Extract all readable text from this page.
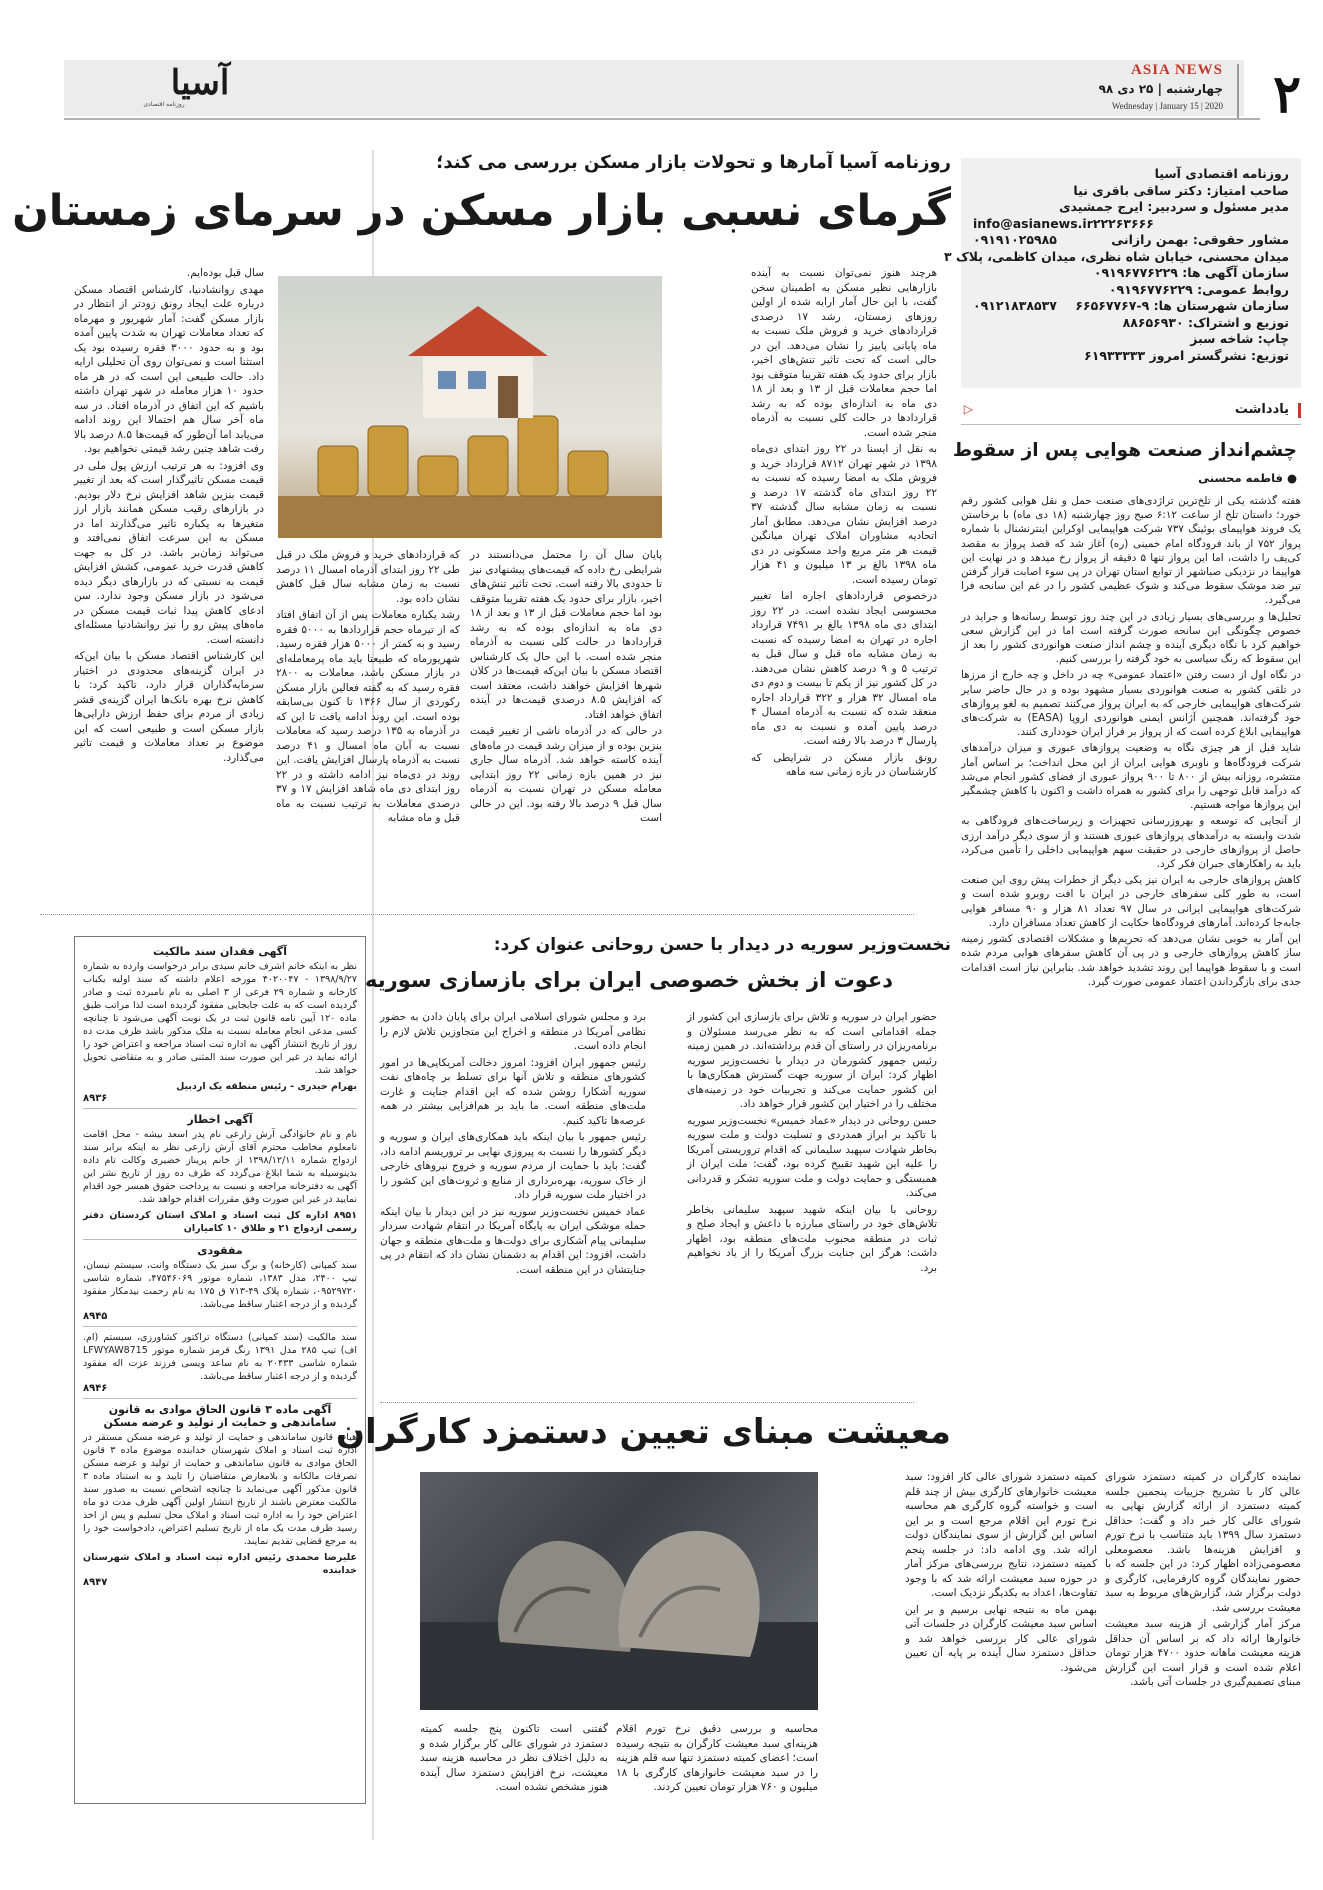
۲
ASIA NEWS
چهارشنبه | ۲۵ دی ۹۸
Wednesday | January 15 | 2020
آسیا
روزنامه اقتصادی
روزنامه اقتصادی آسیا
صاحب امتیاز: دکتر ساقی باقری نیا
مدیر مسئول و سردبیر: ایرج جمشیدی
info@asianews.ir ۲۲۲۶۳۶۶۶

مشاور حقوقی: بهمن رازانی
۰۹۱۹۱۰۲۵۹۸۵
میدان محسنی، خیابان شاه نظری، میدان کاظمی، پلاک ۳
سازمان آگهی ها: ۰۹۱۹۶۷۷۶۲۲۹
روابط عمومی: ۰۹۱۹۶۷۷۶۲۲۹
سازمان شهرستان ها: ۹-۶۶۵۶۷۷۶۷
۰۹۱۲۱۸۳۸۵۳۷
توزیع و اشتراک: ۸۸۶۵۶۹۳۰
چاپ: شاخه سبز
توزیع: نشرگستر امروز ۶۱۹۳۳۳۳۳
یادداشت
▷
چشم‌انداز صنعت هوایی پس از سقوط
● فاطمه محسنی

هفته گذشته یکی از تلخ‌ترین تراژدی‌های صنعت حمل و نقل هوایی کشور رقم خورد؛ داستان تلخ از ساعت ۶:۱۲ صبح روز چهارشنبه (۱۸ دی ماه) با برخاستن یک فروند هواپیمای بوئینگ ۷۳۷ شرکت هواپیمایی اوکراین اینترنشنال با شماره پرواز ۷۵۲ از باند فرودگاه امام خمینی (ره) آغاز شد که قصد پرواز به مقصد کی‌یف را داشت، اما این پرواز تنها ۵ دقیقه از پرواز رخ میدهد و در نهایت این هواپیما در نزدیکی صباشهر از توابع استان تهران در پی سوء اصابت قرار گرفتن تیر ضد موشک سقوط می‌کند و شوک عظیمی کشور را در غم این سانحه فرا می‌گیرد.

تحلیل‌ها و بررسی‌های بسیار زیادی در این چند روز توسط رسانه‌ها و جراید در خصوص چگونگی این سانحه صورت گرفته است اما در این گزارش سعی خواهیم کرد با نگاه دیگری آینده و چشم انداز صنعت هوانوردی کشور را بعد از این سقوط که رنگ سیاسی به خود گرفته را بررسی کنیم.

در نگاه اول از دست رفتن «اعتماد عمومی» چه در داخل و چه خارج از مرزها در تلقی کشور به صنعت هوانوردی بسیار مشهود بوده و در حال حاضر سایر شرکت‌های هواپیمایی خارجی که به ایران پرواز می‌کنند تصمیم به لغو پروازهای خود گرفته‌اند. همچنین آژانس ایمنی هوانوردی اروپا (EASA) به شرکت‌های هواپیمایی ابلاغ کرده است که از پرواز بر فراز ایران خودداری کنند.

شاید قبل از هر چیزی نگاه به وضعیت پروازهای عبوری و میزان درآمدهای شرکت فرودگاه‌ها و ناوبری هوایی ایران از این محل انداخت؛ بر اساس آمار منتشره، روزانه بیش از ۸۰۰ تا ۹۰۰ پرواز عبوری از فضای کشور انجام می‌شد که درآمد قابل توجهی را برای کشور به همراه داشت و اکنون با کاهش چشمگیر این پروازها مواجه هستیم.

از آنجایی که توسعه و بهروزرسانی تجهیزات و زیرساخت‌های فرودگاهی به شدت وابسته به درآمدهای پروازهای عبوری هستند و از سوی دیگر درآمد ارزی حاصل از پروازهای خارجی در حقیقت سهم هواپیمایی داخلی را تأمین می‌کرد، باید به راهکارهای جبران فکر کرد.

کاهش پروازهای خارجی به ایران نیز یکی دیگر از خطرات پیش روی این صنعت است، به طور کلی سفرهای خارجی در ایران با افت روبرو شده است و شرکت‌های هواپیمایی ایرانی در سال ۹۷ تعداد ۸۱ هزار و ۹۰ مسافر هوایی جابه‌جا کرده‌اند. آمارهای فرودگاه‌ها حکایت از کاهش تعداد مسافران دارد.

این آمار به خوبی نشان می‌دهد که تحریم‌ها و مشکلات اقتصادی کشور زمینه ساز کاهش پروازهای خارجی و در پی آن کاهش سفرهای هوایی مردم شده است و با سقوط هواپیما این روند تشدید خواهد شد. بنابراین نیاز است اقدامات جدی برای بازگرداندن اعتماد عمومی صورت گیرد.

روزنامه آسیا آمارها و تحولات بازار مسکن بررسی می کند؛
گرمای نسبی بازار مسکن در سرمای زمستان

هرچند هنوز نمی‌توان نسبت به آینده بازارهایی نظیر مسکن به اطمینان سخن گفت، با این حال آمار ارایه شده از اولین روزهای زمستان، رشد ۱۷ درصدی قراردادهای خرید و فروش ملک نسبت به ماه پایانی پاییز را نشان می‌دهد. این در حالی است که تحت تاثیر تنش‌های اخیر، بازار برای حدود یک هفته تقریبا متوقف بود اما حجم معاملات قبل از ۱۳ و بعد از ۱۸ دی ماه به اندازه‌ای بوده که به رشد قراردادها در حالت کلی نسبت به آذرماه منجر شده است.

به نقل از ایسنا در ۲۲ روز ابتدای دی‌ماه ۱۳۹۸ در شهر تهران ۸۷۱۲ قرارداد خرید و فروش ملک به امضا رسیده که نسبت به ۲۲ روز ابتدای ماه گذشته ۱۷ درصد و نسبت به زمان مشابه سال گذشته ۳۷ درصد افزایش نشان می‌دهد. مطابق آمار اتحادیه مشاوران املاک تهران میانگین قیمت هر متر مربع واحد مسکونی در دی ماه ۱۳۹۸ بالغ بر ۱۳ میلیون و ۴۱ هزار تومان رسیده است.

درخصوص قراردادهای اجاره اما تغییر محسوسی ایجاد نشده است. در ۲۲ روز ابتدای دی ماه ۱۳۹۸ بالغ بر ۷۴۹۱ قرارداد اجاره در تهران به امضا رسیده که نسبت به زمان مشابه ماه قبل و سال قبل به ترتیب ۵ و ۹ درصد کاهش نشان می‌دهند. در کل کشور نیز از یکم تا بیست و دوم دی ماه امسال ۳۲ هزار و ۳۲۲ قرارداد اجاره منعقد شده که نسبت به آذرماه امسال ۴ درصد پایین آمده و نسبت به دی ماه پارسال ۳ درصد بالا رفته است.

رونق بازار مسکن در شرایطی که کارشناسان در بازه زمانی سه ماهه

پایان سال آن را محتمل می‌دانستند در شرایطی رخ داده که قیمت‌های پیشنهادی نیز تا حدودی بالا رفته است. تحت تاثیر تنش‌های اخیر، بازار برای حدود یک هفته تقریبا متوقف بود اما حجم معاملات قبل از ۱۳ و بعد از ۱۸ دی ماه به اندازه‌ای بوده که به رشد قراردادها در حالت کلی نسبت به آذرماه منجر شده است. با این حال یک کارشناس اقتصاد مسکن با بیان این‌که قیمت‌ها در کلان شهرها افزایش خواهند داشت، معتقد است که افزایش ۸.۵ درصدی قیمت‌ها در آینده اتفاق خواهد افتاد.

در حالی که در آذرماه ناشی از تغییر قیمت بنزین بوده و از میزان رشد قیمت در ماه‌های آینده کاسته خواهد شد. آذرماه سال جاری نیز در همین بازه زمانی ۲۲ روز ابتدایی معامله مسکن در تهران نسبت به آذرماه سال قبل ۹ درصد بالا رفته بود. این در حالی است

که قراردادهای خرید و فروش ملک در قبل طی ۲۲ روز ابتدای آذرماه امسال ۱۱ درصد نسبت به زمان مشابه سال قبل کاهش نشان داده بود.

رشد یکباره معاملات پس از آن اتفاق افتاد که از تیرماه حجم قراردادها به ۵۰۰۰ فقره رسید و به کمتر از ۵۰۰۰ هزار فقره رسید. شهریورماه که طبیعتا باید ماه پرمعامله‌ای در بازار مسکن باشد، معاملات به ۲۸۰۰ فقره رسید که به گفته فعالین بازار مسکن رکوردی از سال ۱۳۶۶ تا کنون بی‌سابقه بوده است. این روند ادامه یافت تا این که در آذرماه به ۱۳۵ درصد رسید که معاملات نسبت به آبان ماه امسال و ۴۱ درصد نسبت به آذرماه پارسال افزایش یافت. این روند در دی‌ماه نیز ادامه داشته و در ۲۲ روز ابتدای دی ماه شاهد افزایش ۱۷ و ۳۷ درصدی معاملات به ترتیب نسبت به ماه قبل و ماه مشابه

سال قبل بوده‌ایم.

مهدی روانشادنیا، کارشناس اقتصاد مسکن درباره علت ایجاد رونق زودتر از انتظار در بازار مسکن گفت: آمار شهریور و مهرماه که تعداد معاملات تهران به شدت پایین آمده بود و به حدود ۳۰۰۰ فقره رسیده بود یک استثنا است و نمی‌توان روی آن تحلیلی ارایه داد. حالت طبیعی این است که در هر ماه حدود ۱۰ هزار معامله در شهر تهران داشته باشیم که این اتفاق در آذرماه افتاد. در سه ماه آخر سال هم احتمالا این روند ادامه می‌یابد اما آن‌طور که قیمت‌ها ۸.۵ درصد بالا رفت شاهد چنین رشد قیمتی نخواهیم بود.

وی افزود: به هر ترتیب ارزش پول ملی در قیمت مسکن تاثیرگذار است که بعد از تغییر قیمت بنزین شاهد افزایش نرخ دلار بودیم. در بازارهای رقیب مسکن همانند بازار ارز متغیرها به یکباره تاثیر می‌گذارند اما در مسکن به این سرعت اتفاق نمی‌افتد و می‌تواند زمان‌بر باشد. در کل به جهت کاهش قدرت خرید عمومی، کشش افزایش قیمت به نسبتی که در بازارهای دیگر دیده می‌شود در بازار مسکن وجود ندارد. سن ادعای کاهش پیدا ثبات قیمت مسکن در ماه‌های پیش رو را نیز روانشادنیا مسئله‌ای دانسته است.

این کارشناس اقتصاد مسکن با بیان این‌که در ایران گزینه‌های محدودی در اختیار سرمایه‌گذاران قرار دارد، تاکید کرد: با کاهش نرخ بهره بانک‌ها ایران گزینه‌ی قشر زیادی از مردم برای حفظ ارزش دارایی‌ها بازار مسکن است و طبیعی است که این موضوع بر تعداد معاملات و قیمت تاثیر می‌گذارد.

نخست‌وزیر سوریه در دیدار با حسن روحانی عنوان کرد:
دعوت از بخش خصوصی ایران برای بازسازی سوریه

حضور ایران در سوریه و تلاش برای بازسازی این کشور از جمله اقداماتی است که به نظر می‌رسد مسئولان و برنامه‌ریزان در راستای آن قدم برداشته‌اند. در همین زمینه رئیس جمهور کشورمان در دیدار با نخست‌وزیر سوریه اظهار کرد: ایران از سوریه جهت گسترش همکاری‌ها با این کشور حمایت می‌کند و تجربیات خود در زمینه‌های مختلف را در اختیار این کشور قرار خواهد داد.

حسن روحانی در دیدار «عماد خمیس» نخست‌وزیر سوریه با تاکید بر ابراز همدردی و تسلیت دولت و ملت سوریه بخاطر شهادت سپهبد سلیمانی که اقدام تروریستی آمریکا را علیه این شهید تقبیح کرده بود، گفت: ملت ایران از همبستگی و حمایت دولت و ملت سوریه تشکر و قدردانی می‌کند.

روحانی با بیان اینکه شهید سپهبد سلیمانی بخاطر تلاش‌های خود در راستای مبارزه با داعش و ایجاد صلح و ثبات در منطقه محبوب ملت‌های منطقه بود، اظهار داشت: هرگز این جنایت بزرگ آمریکا را از یاد نخواهیم برد.

برد و مجلس شورای اسلامی ایران برای پایان دادن به حضور نظامی آمریکا در منطقه و اخراج این متجاوزین تلاش لازم را انجام داده است.

رئیس جمهور ایران افزود: امروز دخالت آمریکایی‌ها در امور کشورهای منطقه و تلاش آنها برای تسلط بر چاه‌های نفت سوریه آشکارا روشن شده که این اقدام جنایت و غارت ملت‌های منطقه است. ما باید بر هم‌افزایی بیشتر در همه عرصه‌ها تاکید کنیم.

رئیس جمهور با بیان اینکه باید همکاری‌های ایران و سوریه و دیگر کشورها را نسبت به پیروزی نهایی بر تروریسم ادامه داد، گفت: باید با حمایت از مردم سوریه و خروج نیروهای خارجی از خاک سوریه، بهره‌برداری از منابع و ثروت‌های این کشور را در اختیار ملت سوریه قرار داد.

عماد خمیس نخست‌وزیر سوریه نیز در این دیدار با بیان اینکه حمله موشکی ایران به پایگاه آمریکا در انتقام شهادت سردار سلیمانی پیام آشکاری برای دولت‌ها و ملت‌های منطقه و جهان داشت، افزود: این اقدام به دشمنان نشان داد که انتقام در پی جنایتشان در این منطقه است.

آگهی فقدان سند مالکیت
نظر به اینکه خانم اشرف خانم سیدی برابر درخواست وارده به شماره ۱۳۹۸/۹/۲۷ - ۴۰۲۰۰۴۷ مورخه اعلام داشته که سند اولیه یکباب کارخانه و شماره ۲۹ فرعی از ۳ اصلی به نام نامبرده ثبت و صادر گردیده است که به علت جابجایی مفقود گردیده است لذا مراتب طبق ماده ۱۲۰ آیین نامه قانون ثبت در یک نوبت آگهی می‌شود تا چنانچه کسی مدعی انجام معامله نسبت به ملک مذکور باشد ظرف مدت ده روز از تاریخ انتشار آگهی به اداره ثبت اسناد مراجعه و اعتراض خود را ارائه نماید در غیر این صورت سند المثنی صادر و به متقاضی تحویل خواهد شد.
بهرام حیدری - رئیس منطقه یک اردبیل
۸۹۳۶
آگهی اخطار
نام و نام خانوادگی آرش زارعی نام پدر اسعد بیشه - محل اقامت نامعلوم مخاطب محترم آقای آرش زارعی نظر به اینکه برابر سند ازدواج شماره ۱۳۹۸/۱۲/۱۱ از خانم پریناز خضیری وکالت تام داده بدینوسیله به شما ابلاغ می‌گردد که ظرف ده روز از تاریخ نشر این آگهی به دفترخانه مراجعه و نسبت به پرداخت حقوق همسر خود اقدام نمایید در غیر این صورت وفق مقررات اقدام خواهد شد.
۸۹۵۱ اداره کل ثبت اسناد و املاک استان کردستان دفتر رسمی ازدواج ۲۱ و طلاق ۱۰ کامیاران
مفقودی
سند کمپانی (کارخانه) و برگ سبز یک دستگاه وانت، سیستم نیسان، تیپ ۲۴۰۰، مدل ۱۳۸۳، شماره موتور ۴۷۵۴۶۰۶۹، شماره شاسی ۰۹۵۲۹۷۲۰، شماره پلاک ۴۹-۷۱۳ ق ۱۷۵ به نام رحمت بیدمکار مفقود گردیده و از درجه اعتبار ساقط می‌باشد.
۸۹۴۵
سند مالکیت (سند کمپانی) دستگاه تراکتور کشاورزی، سیستم (ام. اف) تیپ ۲۸۵ مدل ۱۳۹۱ رنگ قرمز شماره موتور LFWYAW8715 شماره شاسی ۲۰۴۳۳ به نام ساعد ویسی فرزند عزت اله مفقود گردیده و از درجه اعتبار ساقط می‌باشد.
۸۹۴۶
آگهی ماده ۳ قانون الحاق موادی به قانون ساماندهی و حمایت از تولید و عرضه مسکن
هیات قانون ساماندهی و حمایت از تولید و عرضه مسکن مستقر در اداره ثبت اسناد و املاک شهرستان خدابنده موضوع ماده ۳ قانون الحاق موادی به قانون ساماندهی و حمایت از تولید و عرضه مسکن تصرفات مالکانه و بلامعارض متقاضیان را تایید و به استناد ماده ۳ قانون مذکور آگهی می‌نماید تا چنانچه اشخاص نسبت به صدور سند مالکیت معترض باشند از تاریخ انتشار اولین آگهی ظرف مدت دو ماه اعتراض خود را به اداره ثبت اسناد و املاک محل تسلیم و پس از اخذ رسید ظرف مدت یک ماه از تاریخ تسلیم اعتراض، دادخواست خود را به مرجع قضایی تقدیم نمایند.
علیرضا محمدی رئیس اداره ثبت اسناد و املاک شهرستان خدابنده
۸۹۴۷
معیشت مبنای تعیین دستمزد کارگران

نماینده کارگران در کمیته دستمزد شورای عالی کار با تشریح جزییات پنجمین جلسه کمیته دستمزد از ارائه گزارش نهایی به شورای عالی کار خبر داد و گفت: حداقل دستمزد سال ۱۳۹۹ باید متناسب با نرخ تورم و افزایش هزینه‌ها باشد. معصومعلی معصومی‌زاده اظهار کرد: در این جلسه که با حضور نمایندگان گروه کارفرمایی، کارگری و دولت برگزار شد، گزارش‌های مربوط به سبد معیشت بررسی شد.

مرکز آمار گزارشی از هزینه سبد معیشت خانوارها ارائه داد که بر اساس آن حداقل هزینه معیشت ماهانه حدود ۴۷۰۰ هزار تومان اعلام شده است و قرار است این گزارش مبنای تصمیم‌گیری در جلسات آتی باشد.

کمیته دستمزد شورای عالی کار افزود: سبد معیشت خانوارهای کارگری بیش از چند قلم است و خواسته گروه کارگری هم محاسبه نرخ تورم این اقلام مرجع است و بر این اساس این گزارش از سوی نمایندگان دولت ارائه شد. وی ادامه داد: در جلسه پنجم کمیته دستمزد، نتایج بررسی‌های مرکز آمار در حوزه سبد معیشت ارائه شد که با وجود تفاوت‌ها، اعداد به یکدیگر نزدیک است.

بهمن ماه به نتیجه نهایی برسیم و بر این اساس سبد معیشت کارگران در جلسات آتی شورای عالی کار بررسی خواهد شد و حداقل دستمزد سال آینده بر پایه آن تعیین می‌شود.

محاسبه و بررسی دقیق نرخ تورم اقلام هزینه‌ای سبد معیشت کارگران به نتیجه رسیده است؛ اعضای کمیته دستمزد تنها سه قلم هزینه را در سبد معیشت خانوارهای کارگری با ۱۸ میلیون و ۷۶۰ هزار تومان تعیین کردند.
گفتنی است تاکنون پنج جلسه کمیته دستمزد در شورای عالی کار برگزار شده و به دلیل اختلاف نظر در محاسبه هزینه سبد معیشت، نرخ افزایش دستمزد سال آینده هنوز مشخص نشده است.
